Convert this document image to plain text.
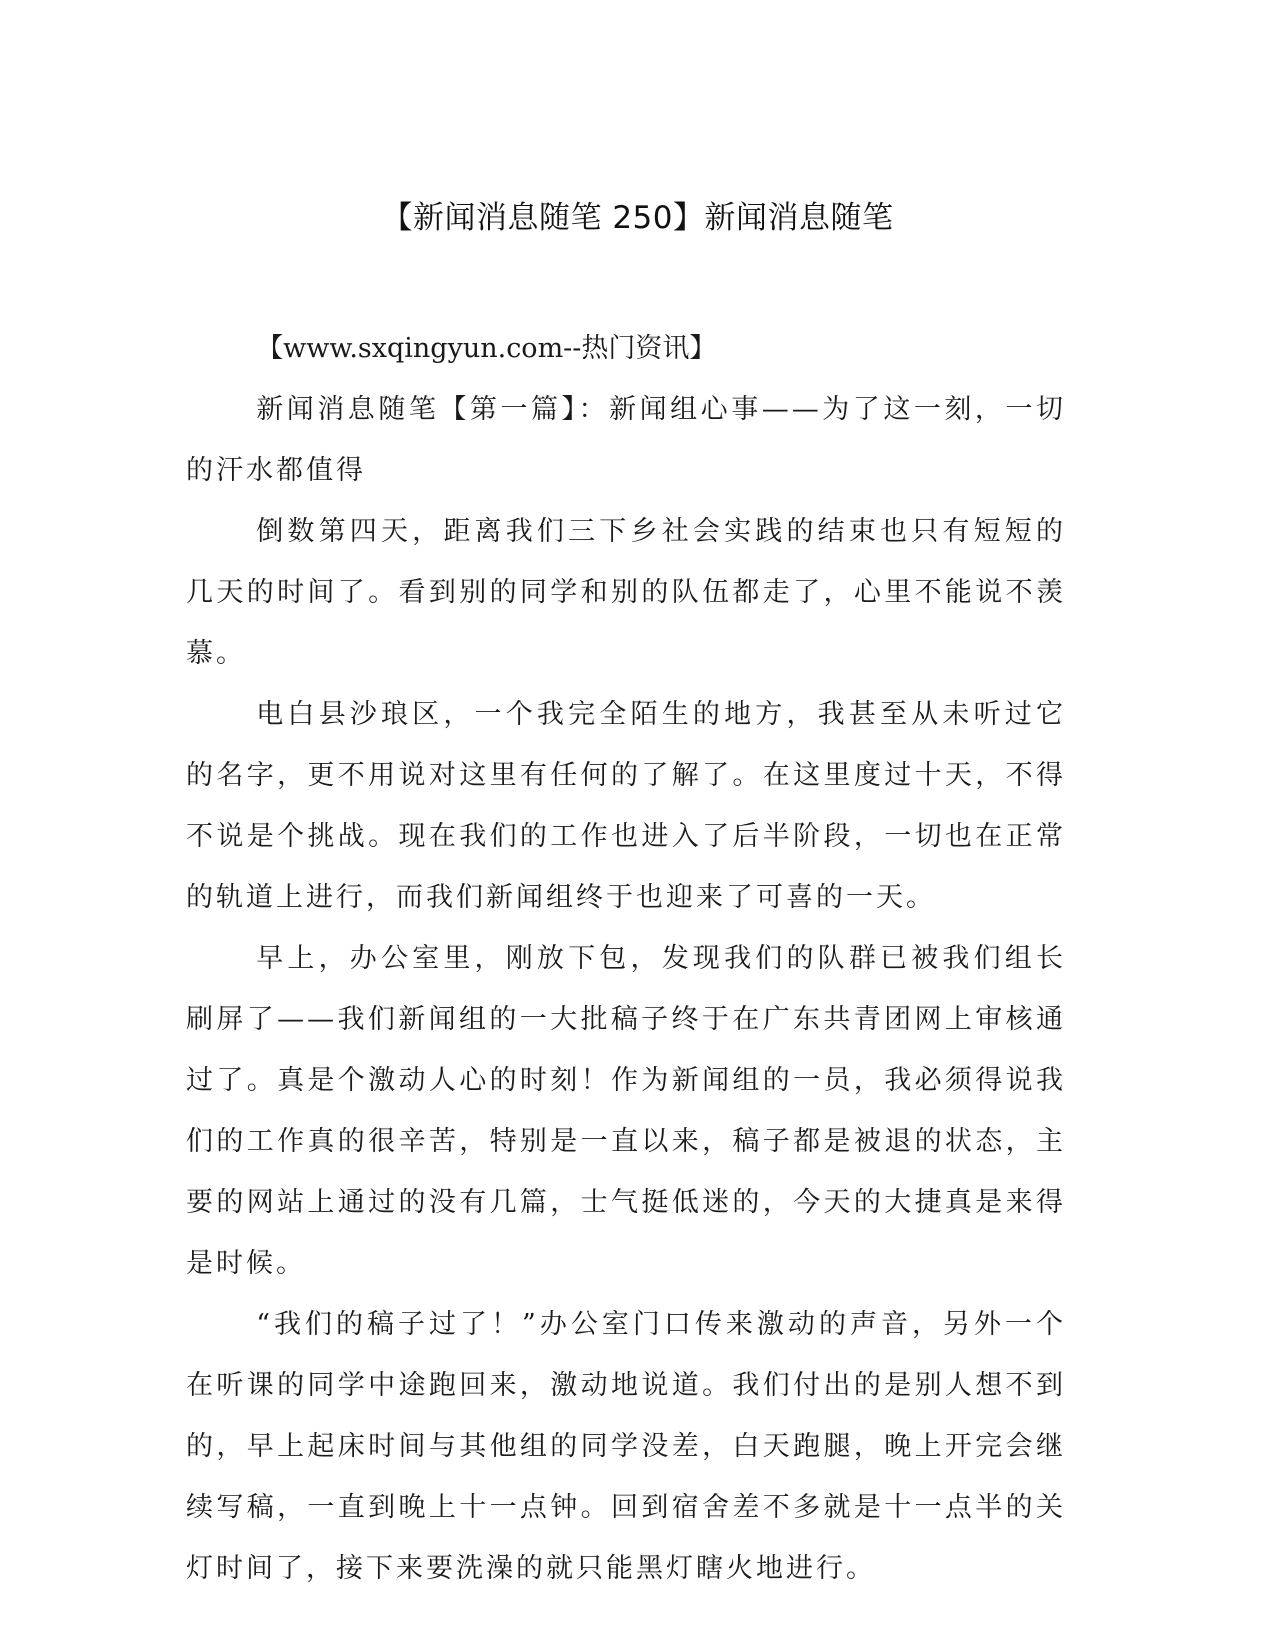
【新闻消息随笔 250】新闻消息随笔

【www.sxqingyun.com--热门资讯】

新闻消息随笔【第一篇】：新闻组心事——为了这一刻，一切的汗水都值得

倒数第四天，距离我们三下乡社会实践的结束也只有短短的几天的时间了。看到别的同学和别的队伍都走了，心里不能说不羡慕。

电白县沙琅区，一个我完全陌生的地方，我甚至从未听过它的名字，更不用说对这里有任何的了解了。在这里度过十天，不得不说是个挑战。现在我们的工作也进入了后半阶段，一切也在正常的轨道上进行，而我们新闻组终于也迎来了可喜的一天。

早上，办公室里，刚放下包，发现我们的队群已被我们组长刷屏了——我们新闻组的一大批稿子终于在广东共青团网上审核通过了。真是个激动人心的时刻！作为新闻组的一员，我必须得说我们的工作真的很辛苦，特别是一直以来，稿子都是被退的状态，主要的网站上通过的没有几篇，士气挺低迷的，今天的大捷真是来得是时候。

“我们的稿子过了！”办公室门口传来激动的声音，另外一个在听课的同学中途跑回来，激动地说道。我们付出的是别人想不到的，早上起床时间与其他组的同学没差，白天跑腿，晚上开完会继续写稿，一直到晚上十一点钟。回到宿舍差不多就是十一点半的关灯时间了，接下来要洗澡的就只能黑灯瞎火地进行。
